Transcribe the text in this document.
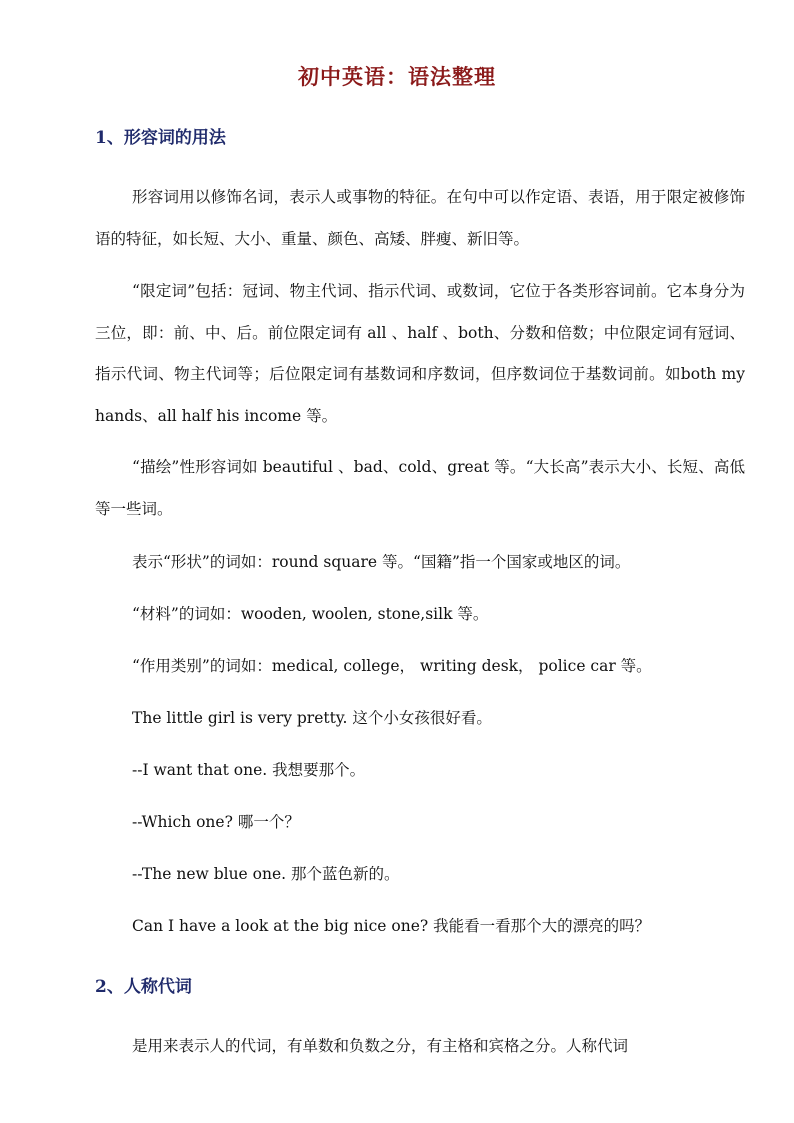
初中英语：语法整理
1、形容词的用法

形容词用以修饰名词，表示人或事物的特征。在句中可以作定语、表语，用于限定被修饰语的特征，如长短、大小、重量、颜色、高矮、胖瘦、新旧等。

“限定词”包括：冠词、物主代词、指示代词、或数词，它位于各类形容词前。它本身分为三位，即：前、中、后。前位限定词有 all 、half 、both、分数和倍数；中位限定词有冠词、指示代词、物主代词等；后位限定词有基数词和序数词，但序数词位于基数词前。如both my hands、all half his income 等。

“描绘”性形容词如 beautiful 、bad、cold、great 等。“大长高”表示大小、长短、高低等一些词。

表示“形状”的词如：round square 等。“国籍”指一个国家或地区的词。

“材料”的词如：wooden, woolen, stone,silk 等。

“作用类别”的词如：medical, college， writing desk， police car 等。

The little girl is very pretty. 这个小女孩很好看。

--I want that one. 我想要那个。

--Which one? 哪一个？

--The new blue one. 那个蓝色新的。

Can I have a look at the big nice one? 我能看一看那个大的漂亮的吗？

2、人称代词

是用来表示人的代词，有单数和负数之分，有主格和宾格之分。人称代词
